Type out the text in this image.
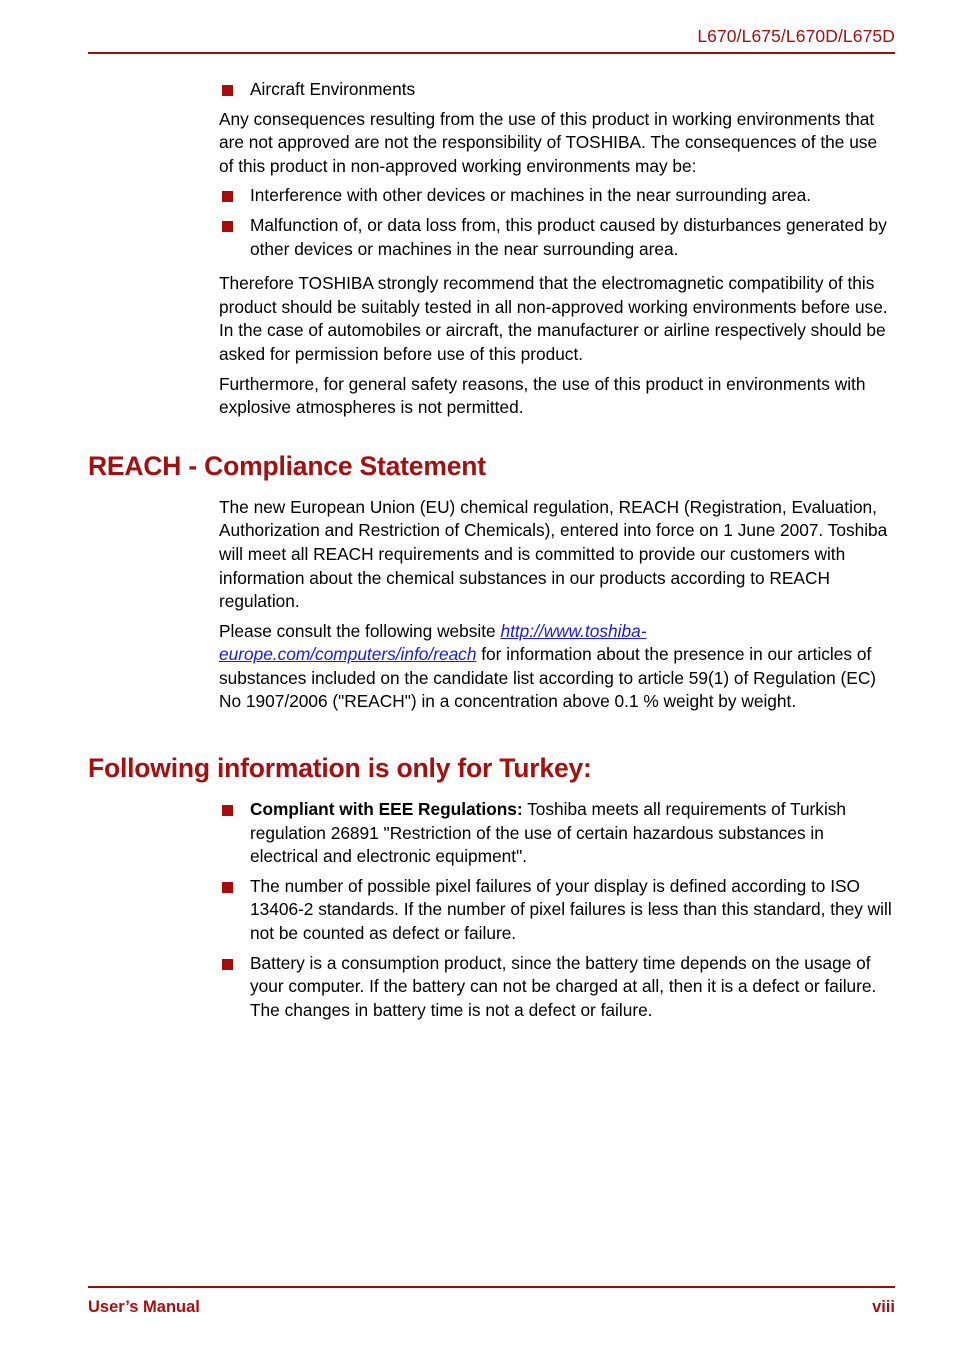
L670/L675/L670D/L675D
Aircraft Environments

Any consequences resulting from the use of this product in working environments that are not approved are not the responsibility of TOSHIBA. The consequences of the use of this product in non-approved working environments may be:

Interference with other devices or machines in the near surrounding area.
Malfunction of, or data loss from, this product caused by disturbances generated by other devices or machines in the near surrounding area.

Therefore TOSHIBA strongly recommend that the electromagnetic compatibility of this product should be suitably tested in all non-approved working environments before use. In the case of automobiles or aircraft, the manufacturer or airline respectively should be asked for permission before use of this product.

Furthermore, for general safety reasons, the use of this product in environments with explosive atmospheres is not permitted.

REACH - Compliance Statement

The new European Union (EU) chemical regulation, REACH (Registration, Evaluation, Authorization and Restriction of Chemicals), entered into force on 1 June 2007. Toshiba will meet all REACH requirements and is committed to provide our customers with information about the chemical substances in our products according to REACH regulation.

Please consult the following website http://www.toshiba-europe.com/computers/info/reach for information about the presence in our articles of substances included on the candidate list according to article 59(1) of Regulation (EC) No 1907/2006 ("REACH") in a concentration above 0.1 % weight by weight.

Following information is only for Turkey:
Compliant with EEE Regulations: Toshiba meets all requirements of Turkish regulation 26891 "Restriction of the use of certain hazardous substances in electrical and electronic equipment".
The number of possible pixel failures of your display is defined according to ISO 13406-2 standards. If the number of pixel failures is less than this standard, they will not be counted as defect or failure.
Battery is a consumption product, since the battery time depends on the usage of your computer. If the battery can not be charged at all, then it is a defect or failure. The changes in battery time is not a defect or failure.
User’s Manual	viii
